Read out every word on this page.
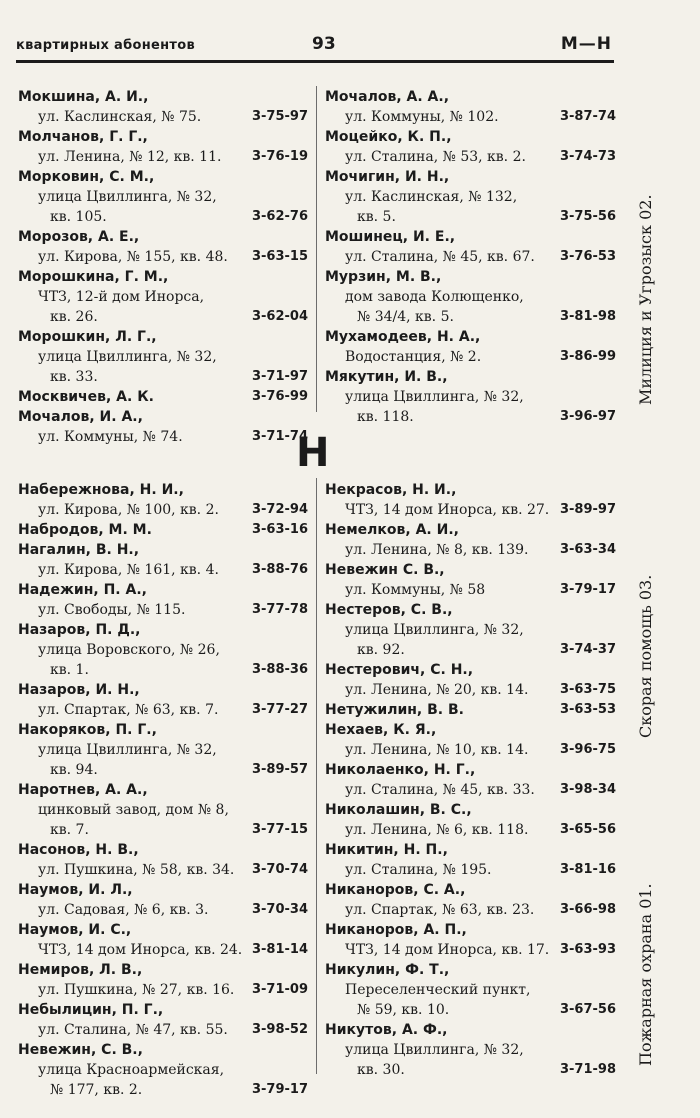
квартирных абонентов	93	М—Н
Мокшина, А. И.,
ул. Каслинская, № 75.	3-75-97
Молчанов, Г. Г.,
ул. Ленина, № 12, кв. 11. 3-76-19
Морковин, С. М.,
улица Цвиллинга, № 32,
кв. 105.	3-62-76
Морозов, А. Е.,
ул. Кирова, № 155, кв. 48. 3-63-15
Морошкина, Г. М.,
ЧТЗ, 12-й дом Инорса,
кв. 26.	3-62-04
Морошкин, Л. Г.,
улица Цвиллинга, № 32,
кв. 33.	3-71-97
Москвичев, А. К.	3-76-99
Мочалов, И. А.,
ул. Коммуны, № 74.	3-71-74
Мочалов, А. А.,
ул. Коммуны, № 102.	3-87-74
Моцейко, К. П.,
ул. Сталина, № 53, кв. 2.	3-74-73
Мочигин, И. Н.,
ул. Каслинская, № 132,
кв. 5.	3-75-56
Мошинец, И. Е.,
ул. Сталина, № 45, кв. 67. 3-76-53
Мурзин, М. В.,
дом завода Колющенко,
№ 34/4, кв. 5.	3-81-98
Мухамодеев, Н. А.,
Водостанция, № 2.	3-86-99
Мякутин, И. В.,
улица Цвиллинга, № 32,
кв. 118.	3-96-97
Н
Набережнова, Н. И.,
ул. Кирова, № 100, кв. 2.	3-72-94
Набродов, М. М.	3-63-16
Нагалин, В. Н.,
ул. Кирова, № 161, кв. 4.	3-88-76
Надежин, П. А.,
ул. Свободы, № 115.	3-77-78
Назаров, П. Д.,
улица Воровского, № 26,
кв. 1.	3-88-36
Назаров, И. Н.,
ул. Спартак, № 63, кв. 7.	3-77-27
Накоряков, П. Г.,
улица Цвиллинга, № 32,
кв. 94.	3-89-57
Наротнев, А. А.,
цинковый завод, дом № 8,
кв. 7.	3-77-15
Насонов, Н. В.,
ул. Пушкина, № 58, кв. 34. 3-70-74
Наумов, И. Л.,
ул. Садовая, № 6, кв. 3.	3-70-34
Наумов, И. С.,
ЧТЗ, 14 дом Инорса, кв. 24. 3-81-14
Немиров, Л. В.,
ул. Пушкина, № 27, кв. 16. 3-71-09
Небылицин, П. Г.,
ул. Сталина, № 47, кв. 55. 3-98-52
Невежин, С. В.,
улица Красноармейская,
№ 177, кв. 2.	3-79-17
Некрасов, Н. И.,
ЧТЗ, 14 дом Инорса, кв. 27. 3-89-97
Немелков, А. И.,
ул. Ленина, № 8, кв. 139. 3-63-34
Невежин С. В.,
ул. Коммуны, № 58	3-79-17
Нестеров, С. В.,
улица Цвиллинга, № 32,
кв. 92.	3-74-37
Нестерович, С. Н.,
ул. Ленина, № 20, кв. 14. 3-63-75
Нетужилин, В. В.	3-63-53
Нехаев, К. Я.,
ул. Ленина, № 10, кв. 14. 3-96-75
Николаенко, Н. Г.,
ул. Сталина, № 45, кв. 33. 3-98-34
Николашин, В. С.,
ул. Ленина, № 6, кв. 118. 3-65-56
Никитин, Н. П.,
ул. Сталина, № 195.	3-81-16
Никаноров, С. А.,
ул. Спартак, № 63, кв. 23. 3-66-98
Никаноров, А. П.,
ЧТЗ, 14 дом Инорса, кв. 17. 3-63-93
Никулин, Ф. Т.,
Переселенческий пункт,
№ 59, кв. 10.	3-67-56
Никутов, А. Ф.,
улица Цвиллинга, № 32,
кв. 30.	3-71-98
Милиция и Угрозыск 02.
Скорая помощь 03.
Пожарная охрана 01.
